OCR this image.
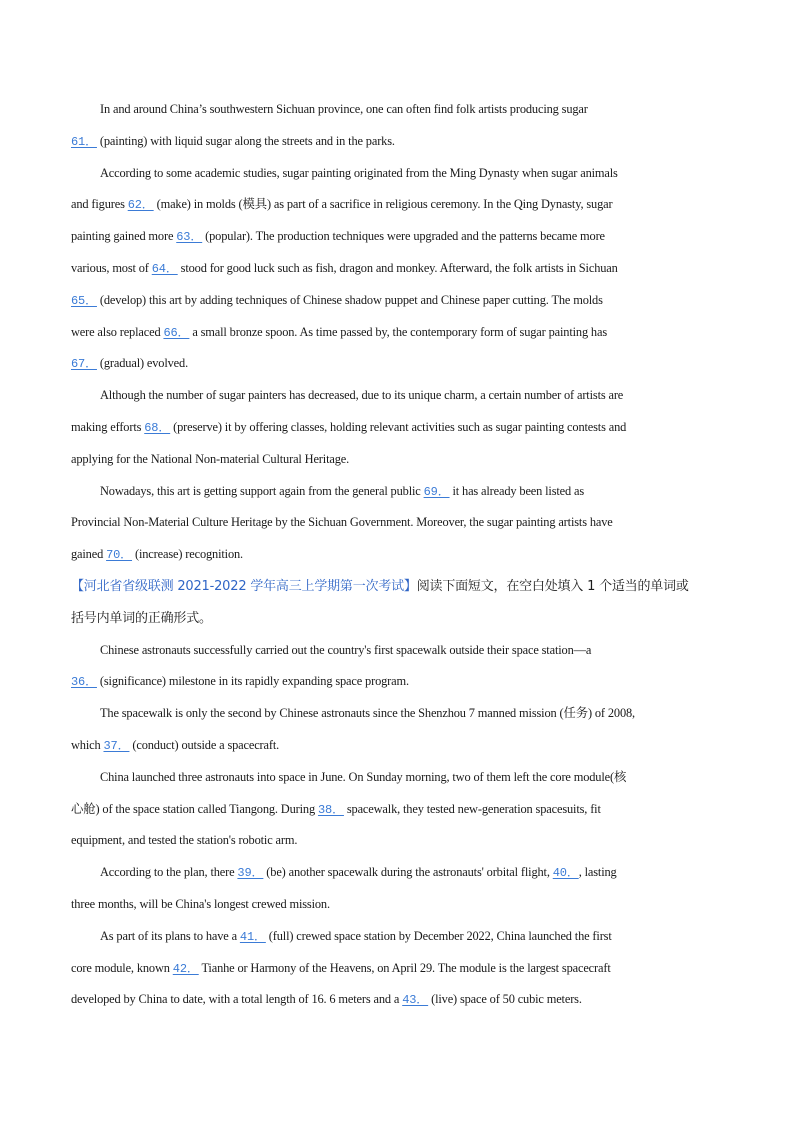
In and around China’s southwestern Sichuan province, one can often find folk artists producing sugar
61． (painting) with liquid sugar along the streets and in the parks.
According to some academic studies, sugar painting originated from the Ming Dynasty when sugar animals
and figures 62． (make) in molds (模具) as part of a sacrifice in religious ceremony. In the Qing Dynasty, sugar
painting gained more 63． (popular). The production techniques were upgraded and the patterns became more
various, most of 64． stood for good luck such as fish, dragon and monkey. Afterward, the folk artists in Sichuan
65． (develop) this art by adding techniques of Chinese shadow puppet and Chinese paper cutting. The molds
were also replaced 66． a small bronze spoon. As time passed by, the contemporary form of sugar painting has
67． (gradual) evolved.
Although the number of sugar painters has decreased, due to its unique charm, a certain number of artists are
making efforts 68． (preserve) it by offering classes, holding relevant activities such as sugar painting contests and
applying for the National Non-material Cultural Heritage.
Nowadays, this art is getting support again from the general public 69． it has already been listed as
Provincial Non-Material Culture Heritage by the Sichuan Government. Moreover, the sugar painting artists have
gained 70． (increase) recognition.
【河北省省级联测 2021-2022 学年高三上学期第一次考试】阅读下面短文，在空白处填入 1 个适当的单词或
括号内单词的正确形式。
Chinese astronauts successfully carried out the country's first spacewalk outside their space station—a
36． (significance) milestone in its rapidly expanding space program.
The spacewalk is only the second by Chinese astronauts since the Shenzhou 7 manned mission (任务) of 2008,
which 37． (conduct) outside a spacecraft.
China launched three astronauts into space in June. On Sunday morning, two of them left the core module(核
心舱) of the space station called Tiangong. During 38． spacewalk, they tested new-generation spacesuits, fit
equipment, and tested the station's robotic arm.
According to the plan, there 39． (be) another spacewalk during the astronauts' orbital flight, 40．, lasting
three months, will be China's longest crewed mission.
As part of its plans to have a 41． (full) crewed space station by December 2022, China launched the first
core module, known 42． Tianhe or Harmony of the Heavens, on April 29. The module is the largest spacecraft
developed by China to date, with a total length of 16. 6 meters and a 43． (live) space of 50 cubic meters.
